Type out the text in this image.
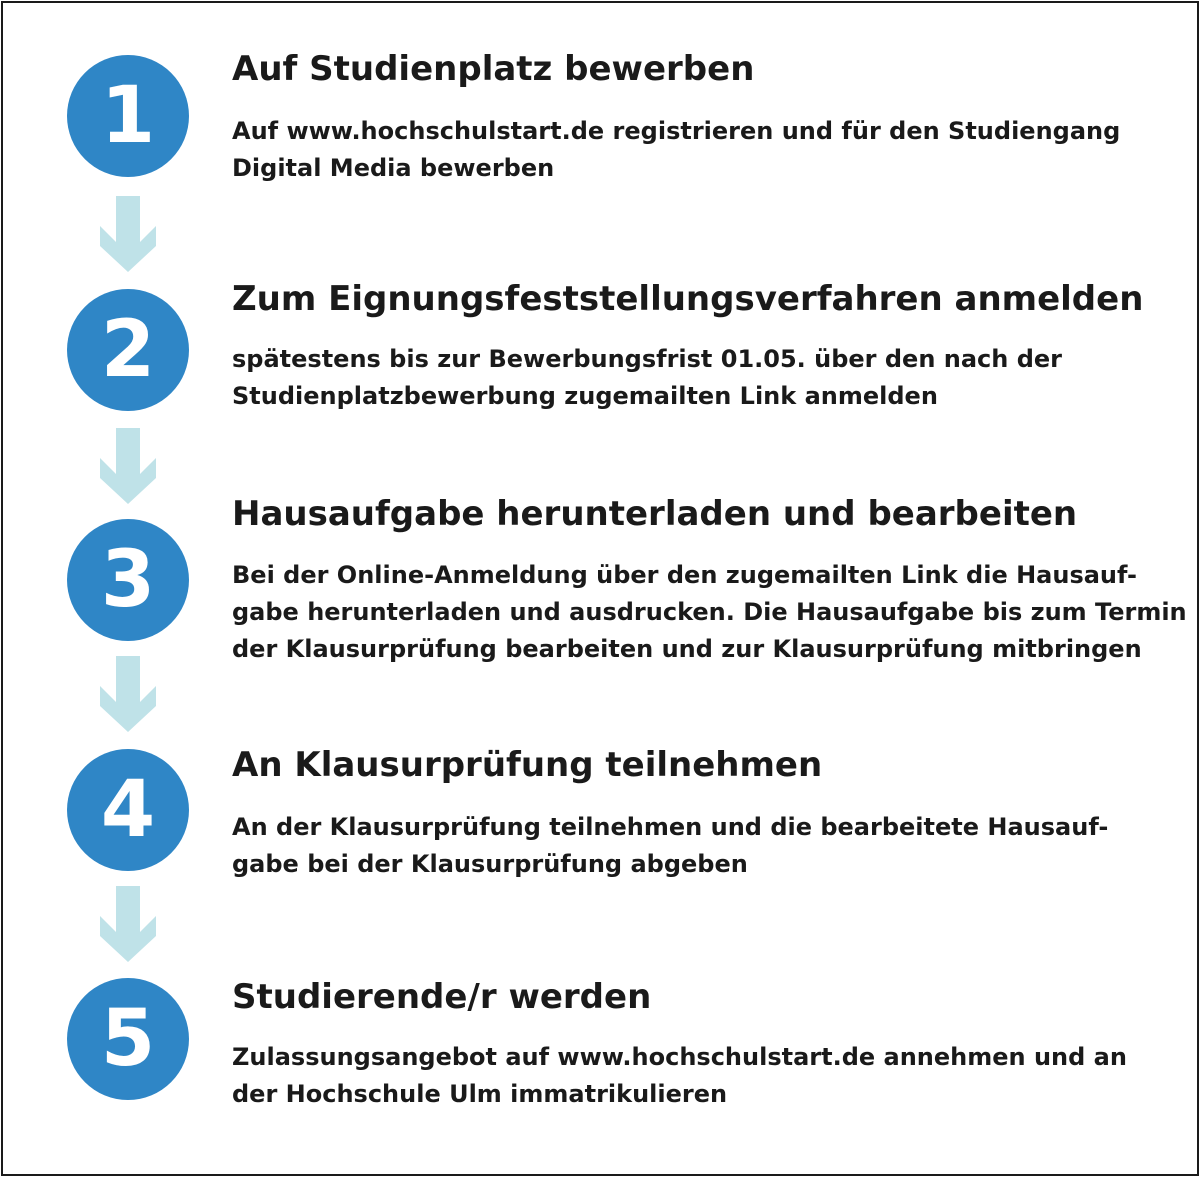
1
Auf Studienplatz bewerben

Auf www.hochschulstart.de registrieren und für den Studiengang
Digital Media bewerben

2
Zum Eignungsfeststellungsverfahren anmelden

spätestens bis zur Bewerbungsfrist 01.05. über den nach der
Studienplatzbewerbung zugemailten Link anmelden

3
Hausaufgabe herunterladen und bearbeiten

Bei der Online-Anmeldung über den zugemailten Link die Hausauf-
gabe herunterladen und ausdrucken. Die Hausaufgabe bis zum Termin
der Klausurprüfung bearbeiten und zur Klausurprüfung mitbringen

4	An Klausurprüfung teilnehmen

An der Klausurprüfung teilnehmen und die bearbeitete Hausauf-
gabe bei der Klausurprüfung abgeben

5	Studierende/r werden

Zulassungsangebot auf www.hochschulstart.de annehmen und an
der Hochschule Ulm immatrikulieren
